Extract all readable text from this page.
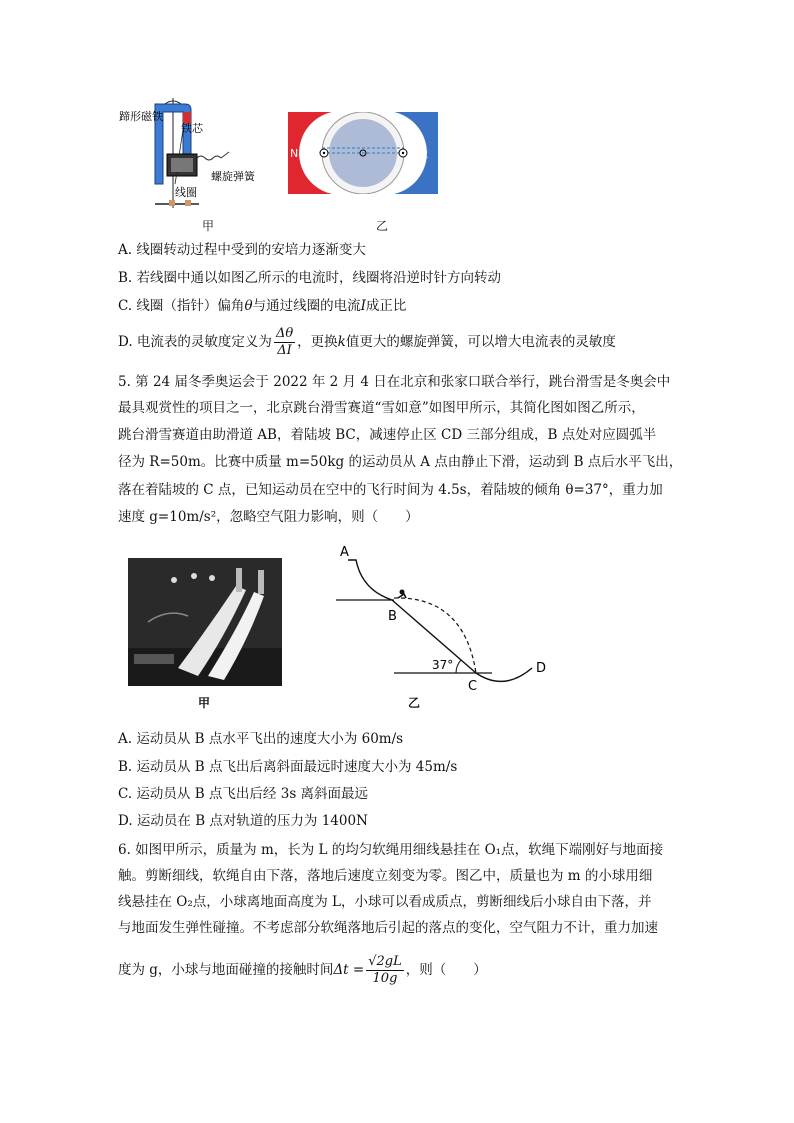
蹄形磁铁
铁芯
螺旋弹簧
线圈
甲
N极	S极
乙
A. 线圈转动过程中受到的安培力逐渐变大
B. 若线圈中通以如图乙所示的电流时，线圈将沿逆时针方向转动
C. 线圈（指针）偏角θ与通过线圈的电流I成正比
D. 电流表的灵敏度定义为 $\frac{\Delta\theta}{\Delta I}$ ，更换k值更大的螺旋弹簧，可以增大电流表的灵敏度
5. 第 24 届冬季奥运会于 2022 年 2 月 4 日在北京和张家口联合举行，跳台滑雪是冬奥会中
最具观赏性的项目之一，北京跳台滑雪赛道“雪如意”如图甲所示，其简化图如图乙所示，
跳台滑雪赛道由助滑道 AB，着陆坡 BC，减速停止区 CD 三部分组成，B 点处对应圆弧半
径为 R=50m。比赛中质量 m=50kg 的运动员从 A 点由静止下滑，运动到 B 点后水平飞出，
落在着陆坡的 C 点，已知运动员在空中的飞行时间为 4.5s，着陆坡的倾角 θ=37°，重力加
速度 g=10m/s²，忽略空气阻力影响，则（　　）
甲
A
B
C
D
37°
乙
A. 运动员从 B 点水平飞出的速度大小为 60m/s
B. 运动员从 B 点飞出后离斜面最远时速度大小为 45m/s
C. 运动员从 B 点飞出后经 3s 离斜面最远
D. 运动员在 B 点对轨道的压力为 1400N
6. 如图甲所示，质量为 m，长为 L 的均匀软绳用细线悬挂在 O₁点，软绳下端刚好与地面接
触。剪断细线，软绳自由下落，落地后速度立刻变为零。图乙中，质量也为 m 的小球用细
线悬挂在 O₂点，小球离地面高度为 L，小球可以看成质点，剪断细线后小球自由下落，并
与地面发生弹性碰撞。不考虑部分软绳落地后引起的落点的变化，空气阻力不计，重力加速
度为 g，小球与地面碰撞的接触时间$\Delta t = \frac{√2gL}{10g}$ ，则（　　）
